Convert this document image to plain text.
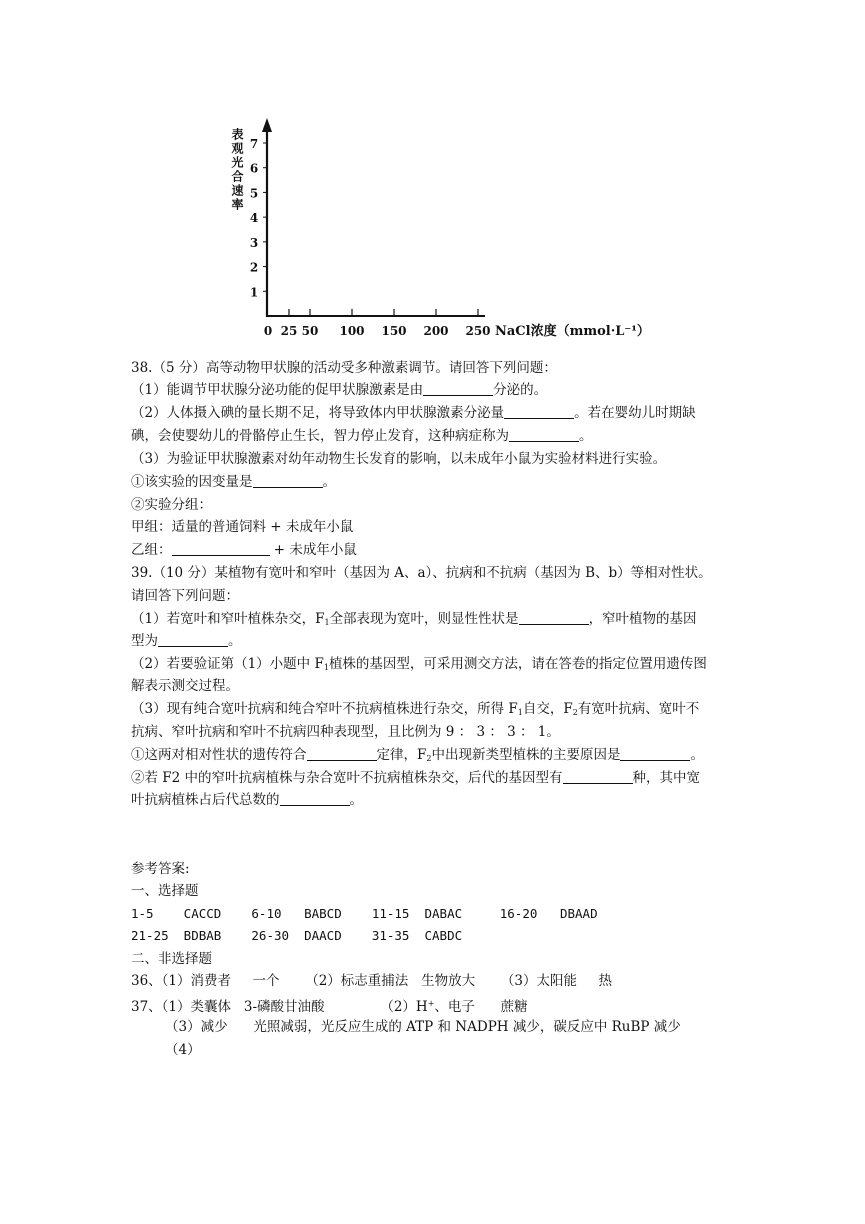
表观光合速率 7
6
5
4
3
2
1
0 25 50 100 150 200 250 NaCl浓度（mmol·L⁻¹）
38.（5 分）高等动物甲状腺的活动受多种激素调节。请回答下列问题：
（1）能调节甲状腺分泌功能的促甲状腺激素是由	分泌的。
（2）人体摄入碘的量长期不足，将导致体内甲状腺激素分泌量	。若在婴幼儿时期缺
碘，会使婴幼儿的骨骼停止生长，智力停止发育，这种病症称为	。
（3）为验证甲状腺激素对幼年动物生长发育的影响，以未成年小鼠为实验材料进行实验。
①该实验的因变量是	。
②实验分组：
甲组：适量的普通饲料 + 未成年小鼠
乙组：	+ 未成年小鼠
39.（10 分）某植物有宽叶和窄叶（基因为 A、a）、抗病和不抗病（基因为 B、b）等相对性状。
请回答下列问题：
（1）若宽叶和窄叶植株杂交，$F_1$全部表现为宽叶，则显性性状是	，窄叶植物的基因
型为	。
（2）若要验证第（1）小题中 $F_1$植株的基因型，可采用测交方法，请在答卷的指定位置用遗传图
解表示测交过程。
（3）现有纯合宽叶抗病和纯合窄叶不抗病植株进行杂交，所得 $F_1$自交，$F_2$有宽叶抗病、宽叶不
抗病、窄叶抗病和窄叶不抗病四种表现型，且比例为 9 ： 3 ： 3 ： 1。
①这两对相对性状的遗传符合	定律，$F_2$中出现新类型植株的主要原因是	。
②若 F2 中的窄叶抗病植株与杂合宽叶不抗病植株杂交，后代的基因型有	种，其中宽
叶抗病植株占后代总数的	。
参考答案:
一、选择题
1-5    CACCD    6-10   BABCD    11-15  DABAC     16-20   DBAAD
21-25  BDBAB    26-30  DAACD    31-35  CABDC
二、非选择题
36、（1）消费者     一个      （2）标志重捕法   生物放大      （3）太阳能     热
37、（1）类囊体   3-磷酸甘油酸             （2）H+、电子      蔗糖
（3）减少      光照减弱，光反应生成的 ATP 和 NADPH 减少，碳反应中 RuBP 减少
（4）
